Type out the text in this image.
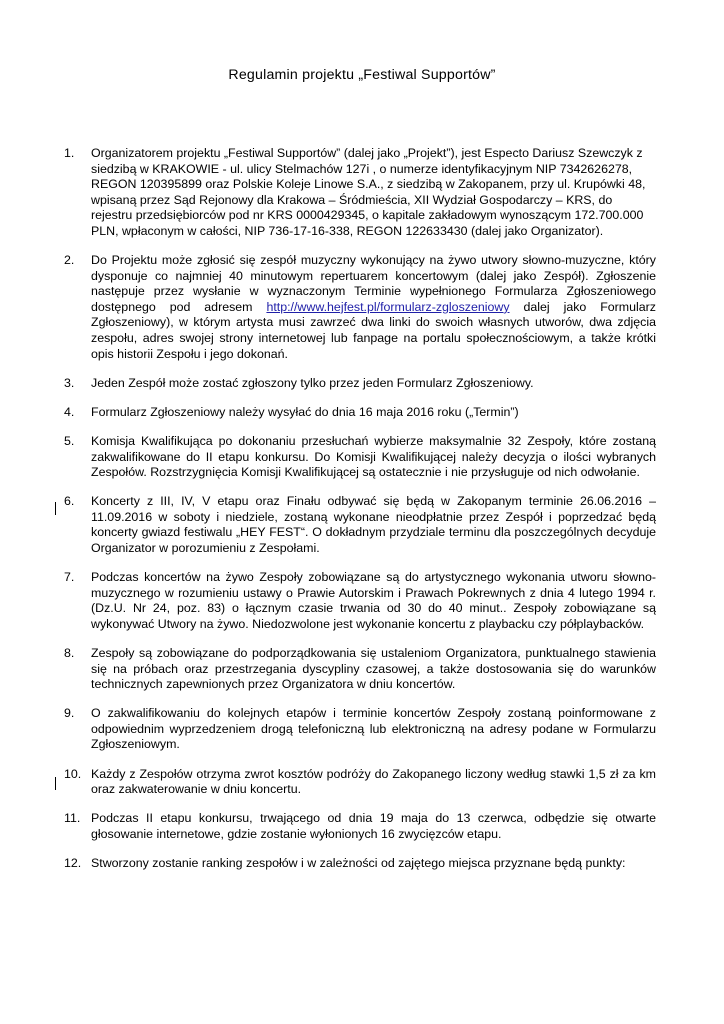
Regulamin projektu „Festiwal Supportów”
1.	Organizatorem projektu „Festiwal Supportów” (dalej jako „Projekt”), jest Especto Dariusz Szewczyk z siedzibą w KRAKOWIE - ul. ulicy Stelmachów 127i , o numerze identyfikacyjnym NIP 7342626278, REGON 120395899 oraz Polskie Koleje Linowe S.A., z siedzibą w Zakopanem, przy ul. Krupówki 48, wpisaną przez Sąd Rejonowy dla Krakowa – Śródmieścia, XII Wydział Gospodarczy – KRS, do rejestru przedsiębiorców pod nr KRS 0000429345, o kapitale zakładowym wynoszącym 172.700.000 PLN, wpłaconym w całości, NIP 736-17-16-338, REGON 122633430 (dalej jako Organizator).
2.	Do Projektu może zgłosić się zespół muzyczny wykonujący na żywo utwory słowno-muzyczne, który dysponuje co najmniej 40 minutowym repertuarem koncertowym (dalej jako Zespół). Zgłoszenie następuje przez wysłanie w wyznaczonym Terminie wypełnionego Formularza Zgłoszeniowego dostępnego pod adresem http://www.hejfest.pl/formularz-zgloszeniowy dalej jako Formularz Zgłoszeniowy), w którym artysta musi zawrzeć dwa linki do swoich własnych utworów, dwa zdjęcia zespołu, adres swojej strony internetowej lub fanpage na portalu społecznościowym, a także krótki opis historii Zespołu i jego dokonań.
3.	Jeden Zespół może zostać zgłoszony tylko przez jeden Formularz Zgłoszeniowy.
4.	Formularz Zgłoszeniowy należy wysyłać do dnia 16 maja 2016 roku („Termin”)
5.	Komisja Kwalifikująca po dokonaniu przesłuchań wybierze maksymalnie 32 Zespoły, które zostaną zakwalifikowane do II etapu konkursu. Do Komisji Kwalifikującej należy decyzja o ilości wybranych Zespołów. Rozstrzygnięcia Komisji Kwalifikującej są ostatecznie i nie przysługuje od nich odwołanie.
6.	Koncerty z III, IV, V etapu oraz Finału odbywać się będą w Zakopanym terminie 26.06.2016 – 11.09.2016 w soboty i niedziele, zostaną wykonane nieodpłatnie przez Zespół i poprzedzać będą koncerty gwiazd festiwalu „HEY FEST“. O dokładnym przydziale terminu dla poszczególnych decyduje Organizator w porozumieniu z Zespołami.
7.	Podczas koncertów na żywo Zespoły zobowiązane są do artystycznego wykonania utworu słowno-muzycznego w rozumieniu ustawy o Prawie Autorskim i Prawach Pokrewnych z dnia 4 lutego 1994 r. (Dz.U. Nr 24, poz. 83) o łącznym czasie trwania od 30 do 40 minut.. Zespoły zobowiązane są wykonywać Utwory na żywo. Niedozwolone jest wykonanie koncertu z playbacku czy półplaybacków.
8.	Zespoły są zobowiązane do podporządkowania się ustaleniom Organizatora, punktualnego stawienia się na próbach oraz przestrzegania dyscypliny czasowej, a także dostosowania się do warunków technicznych zapewnionych przez Organizatora w dniu koncertów.
9.	O zakwalifikowaniu do kolejnych etapów i terminie koncertów Zespoły zostaną poinformowane z odpowiednim wyprzedzeniem drogą telefoniczną lub elektroniczną na adresy podane w Formularzu Zgłoszeniowym.
10. Każdy z Zespołów otrzyma zwrot kosztów podróży do Zakopanego liczony według stawki 1,5 zł za km oraz zakwaterowanie w dniu koncertu.
11. Podczas II etapu konkursu, trwającego od dnia 19 maja do 13 czerwca, odbędzie się otwarte głosowanie internetowe, gdzie zostanie wyłonionych 16 zwycięzców etapu.
12. Stworzony zostanie ranking zespołów i w zależności od zajętego miejsca przyznane będą punkty:
